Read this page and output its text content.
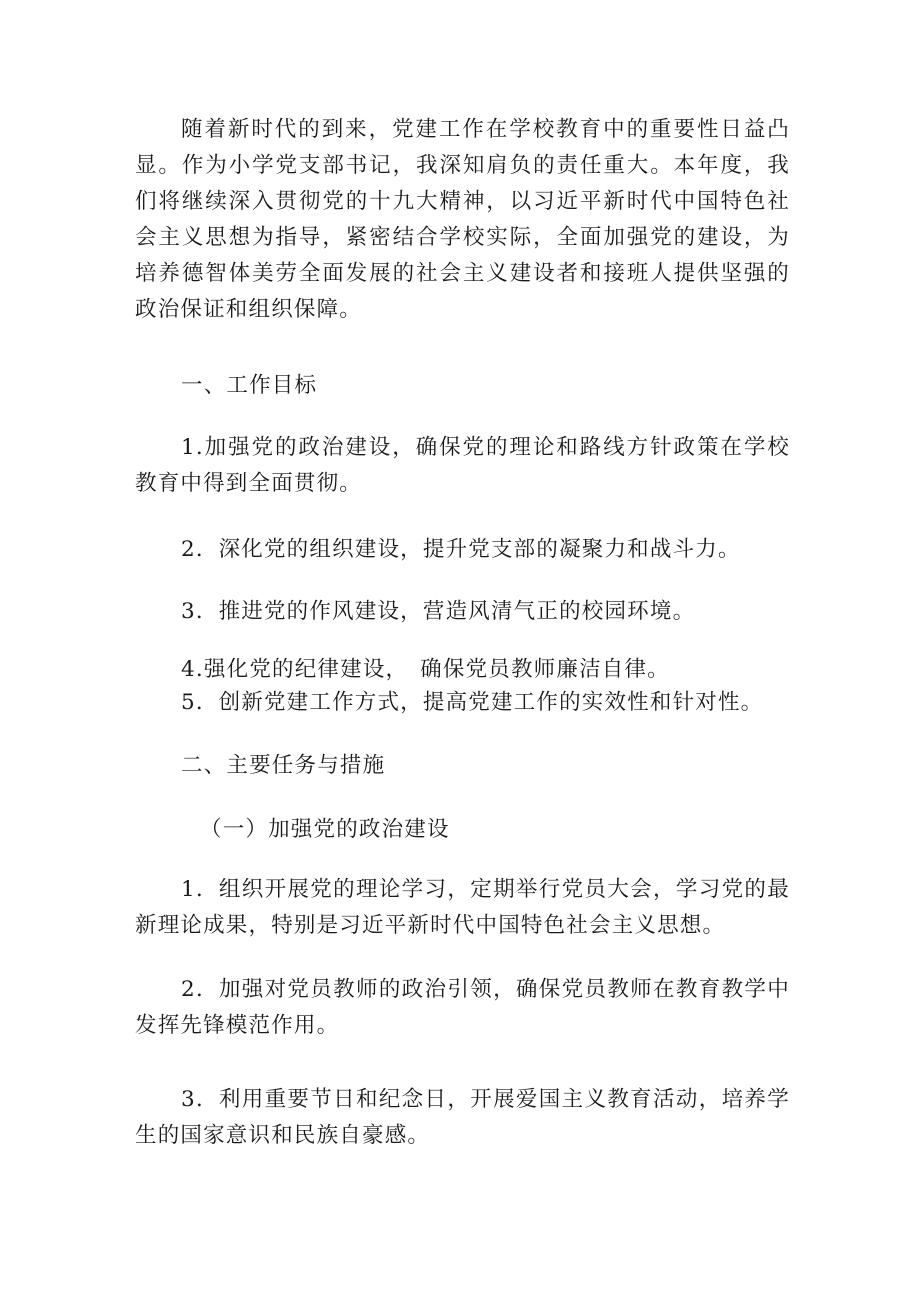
随着新时代的到来，党建工作在学校教育中的重要性日益凸显。作为小学党支部书记，我深知肩负的责任重大。本年度，我们将继续深入贯彻党的十九大精神，以习近平新时代中国特色社会主义思想为指导，紧密结合学校实际，全面加强党的建设，为培养德智体美劳全面发展的社会主义建设者和接班人提供坚强的政治保证和组织保障。

一、工作目标

1.加强党的政治建设，确保党的理论和路线方针政策在学校教育中得到全面贯彻。

2．深化党的组织建设，提升党支部的凝聚力和战斗力。

3．推进党的作风建设，营造风清气正的校园环境。

4.强化党的纪律建设，　确保党员教师廉洁自律。

5．创新党建工作方式，提高党建工作的实效性和针对性。

二、主要任务与措施

（一）加强党的政治建设

1．组织开展党的理论学习，定期举行党员大会，学习党的最新理论成果，特别是习近平新时代中国特色社会主义思想。

2．加强对党员教师的政治引领，确保党员教师在教育教学中发挥先锋模范作用。

3．利用重要节日和纪念日，开展爱国主义教育活动，培养学生的国家意识和民族自豪感。
